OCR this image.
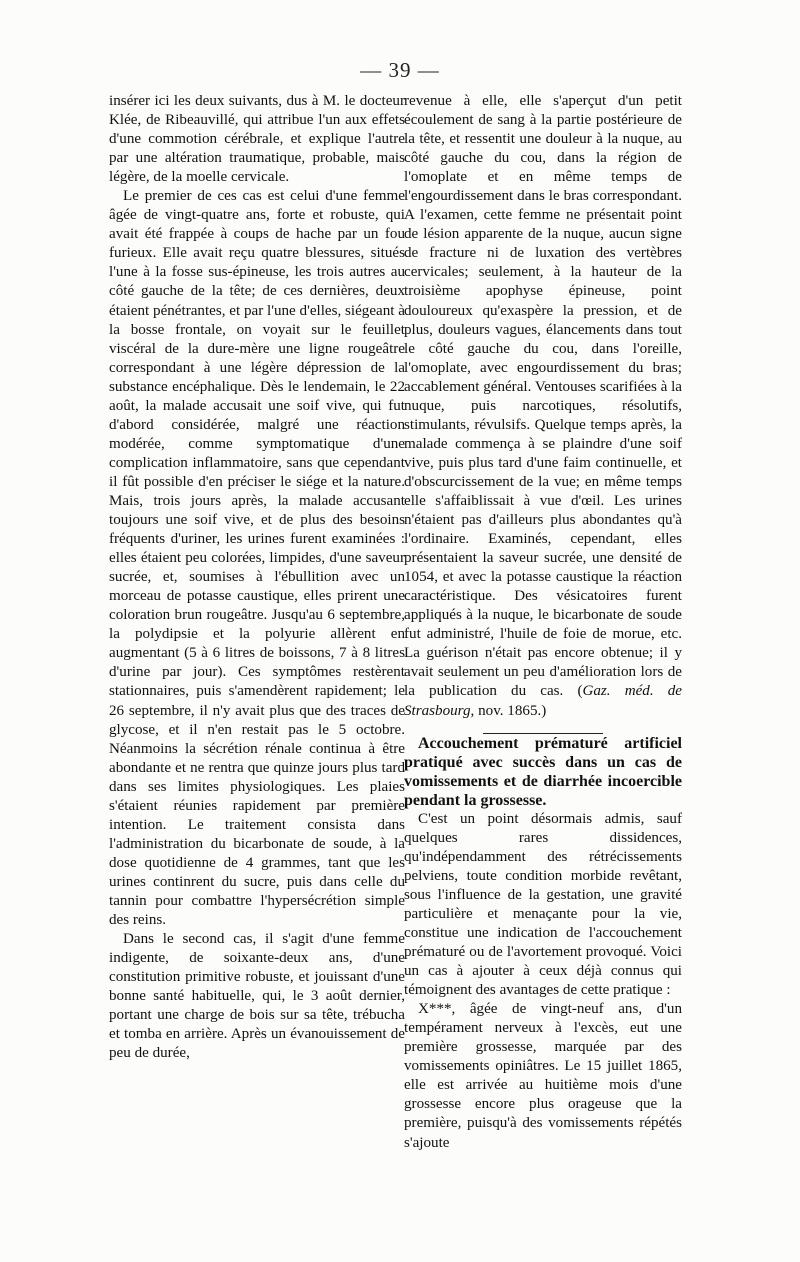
— 39 —

insérer ici les deux suivants, dus à M. le docteur Klée, de Ribeauvillé, qui attribue l'un aux effets d'une commotion cérébrale, et explique l'autre par une altération traumatique, probable, mais légère, de la moelle cervicale.

Le premier de ces cas est celui d'une femme âgée de vingt-quatre ans, forte et robuste, qui avait été frappée à coups de hache par un fou furieux. Elle avait reçu quatre blessures, situés l'une à la fosse sus-épineuse, les trois autres au côté gauche de la tête; de ces dernières, deux étaient pénétrantes, et par l'une d'elles, siégeant à la bosse frontale, on voyait sur le feuillet viscéral de la dure-mère une ligne rougeâtre correspondant à une légère dépression de la substance encéphalique. Dès le lendemain, le 22 août, la malade accusait une soif vive, qui fut d'abord considérée, malgré une réaction modérée, comme symptomatique d'une complication inflammatoire, sans que cependant il fût possible d'en préciser le siége et la nature. Mais, trois jours après, la malade accusant toujours une soif vive, et de plus des besoins fréquents d'uriner, les urines furent examinées : elles étaient peu colorées, limpides, d'une saveur sucrée, et, soumises à l'ébullition avec un morceau de potasse caustique, elles prirent une coloration brun rougeâtre. Jusqu'au 6 septembre, la polydipsie et la polyurie allèrent en augmentant (5 à 6 litres de boissons, 7 à 8 litres d'urine par jour). Ces symptômes restèrent stationnaires, puis s'amendèrent rapidement; le 26 septembre, il n'y avait plus que des traces de glycose, et il n'en restait pas le 5 octobre. Néanmoins la sécrétion rénale continua à être abondante et ne rentra que quinze jours plus tard dans ses limites physiologiques. Les plaies s'étaient réunies rapidement par première intention. Le traitement consista dans l'administration du bicarbonate de soude, à la dose quotidienne de 4 grammes, tant que les urines continrent du sucre, puis dans celle du tannin pour combattre l'hypersécrétion simple des reins.

Dans le second cas, il s'agit d'une femme indigente, de soixante-deux ans, d'une constitution primitive robuste, et jouissant d'une bonne santé habituelle, qui, le 3 août dernier, portant une charge de bois sur sa tête, trébucha et tomba en arrière. Après un évanouissement de peu de durée,

revenue à elle, elle s'aperçut d'un petit écoulement de sang à la partie postérieure de la tête, et ressentit une douleur à la nuque, au côté gauche du cou, dans la région de l'omoplate et en même temps de l'engourdissement dans le bras correspondant. A l'examen, cette femme ne présentait point de lésion apparente de la nuque, aucun signe de fracture ni de luxation des vertèbres cervicales; seulement, à la hauteur de la troisième apophyse épineuse, point douloureux qu'exaspère la pression, et de plus, douleurs vagues, élancements dans tout le côté gauche du cou, dans l'oreille, l'omoplate, avec engourdissement du bras; accablement général. Ventouses scarifiées à la nuque, puis narcotiques, résolutifs, stimulants, révulsifs. Quelque temps après, la malade commença à se plaindre d'une soif vive, puis plus tard d'une faim continuelle, et d'obscurcissement de la vue; en même temps elle s'affaiblissait à vue d'œil. Les urines n'étaient pas d'ailleurs plus abondantes qu'à l'ordinaire. Examinés, cependant, elles présentaient la saveur sucrée, une densité de 1054, et avec la potasse caustique la réaction caractéristique. Des vésicatoires furent appliqués à la nuque, le bicarbonate de soude fut administré, l'huile de foie de morue, etc. La guérison n'était pas encore obtenue; il y avait seulement un peu d'amélioration lors de la publication du cas. (Gaz. méd. de Strasbourg, nov. 1865.)

Accouchement prématuré artificiel pratiqué avec succès dans un cas de vomissements et de diarrhée incoercible pendant la grossesse.

C'est un point désormais admis, sauf quelques rares dissidences, qu'indépendamment des rétrécissements pelviens, toute condition morbide revêtant, sous l'influence de la gestation, une gravité particulière et menaçante pour la vie, constitue une indication de l'accouchement prématuré ou de l'avortement provoqué. Voici un cas à ajouter à ceux déjà connus qui témoignent des avantages de cette pratique :

X***, âgée de vingt-neuf ans, d'un tempérament nerveux à l'excès, eut une première grossesse, marquée par des vomissements opiniâtres. Le 15 juillet 1865, elle est arrivée au huitième mois d'une grossesse encore plus orageuse que la première, puisqu'à des vomissements répétés s'ajoute
